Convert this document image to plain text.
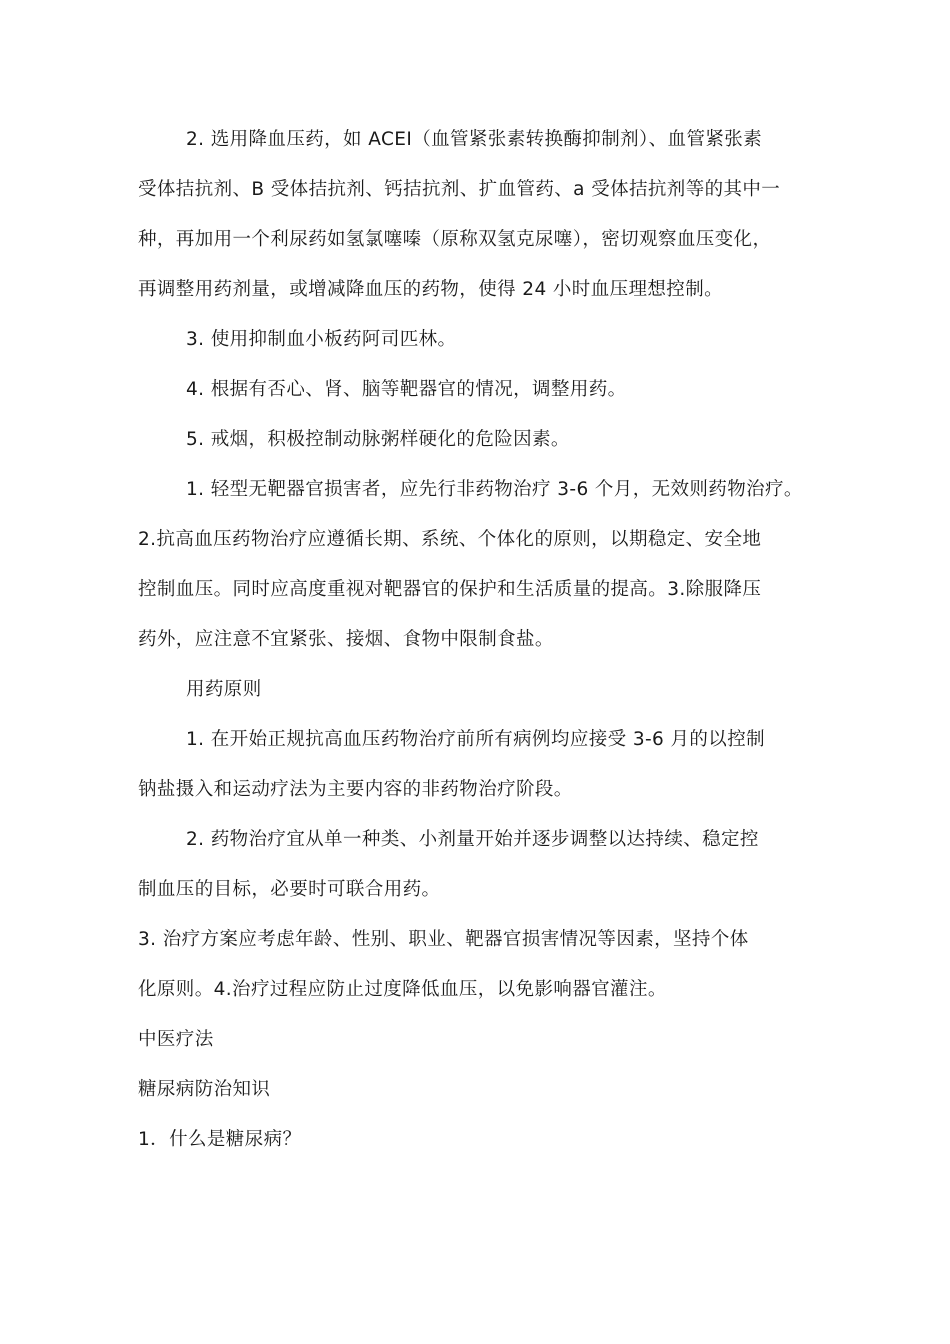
2. 选用降血压药，如 ACEI（血管紧张素转换酶抑制剂）、血管紧张素
受体拮抗剂、B 受体拮抗剂、钙拮抗剂、扩血管药、a 受体拮抗剂等的其中一
种，再加用一个利尿药如氢氯噻嗪（原称双氢克尿噻），密切观察血压变化，
再调整用药剂量，或增减降血压的药物，使得 24 小时血压理想控制。
3. 使用抑制血小板药阿司匹林。
4. 根据有否心、肾、脑等靶器官的情况，调整用药。
5. 戒烟，积极控制动脉粥样硬化的危险因素。
1. 轻型无靶器官损害者，应先行非药物治疗 3-6 个月，无效则药物治疗。
2.抗高血压药物治疗应遵循长期、系统、个体化的原则，以期稳定、安全地
控制血压。同时应高度重视对靶器官的保护和生活质量的提高。3.除服降压
药外，应注意不宜紧张、接烟、食物中限制食盐。
用药原则
1. 在开始正规抗高血压药物治疗前所有病例均应接受 3-6 月的以控制
钠盐摄入和运动疗法为主要内容的非药物治疗阶段。
2. 药物治疗宜从单一种类、小剂量开始并逐步调整以达持续、稳定控
制血压的目标，必要时可联合用药。
3. 治疗方案应考虑年龄、性别、职业、靶器官损害情况等因素，坚持个体
化原则。4.治疗过程应防止过度降低血压，以免影响器官灌注。
中医疗法
糖尿病防治知识
1．什么是糖尿病？
